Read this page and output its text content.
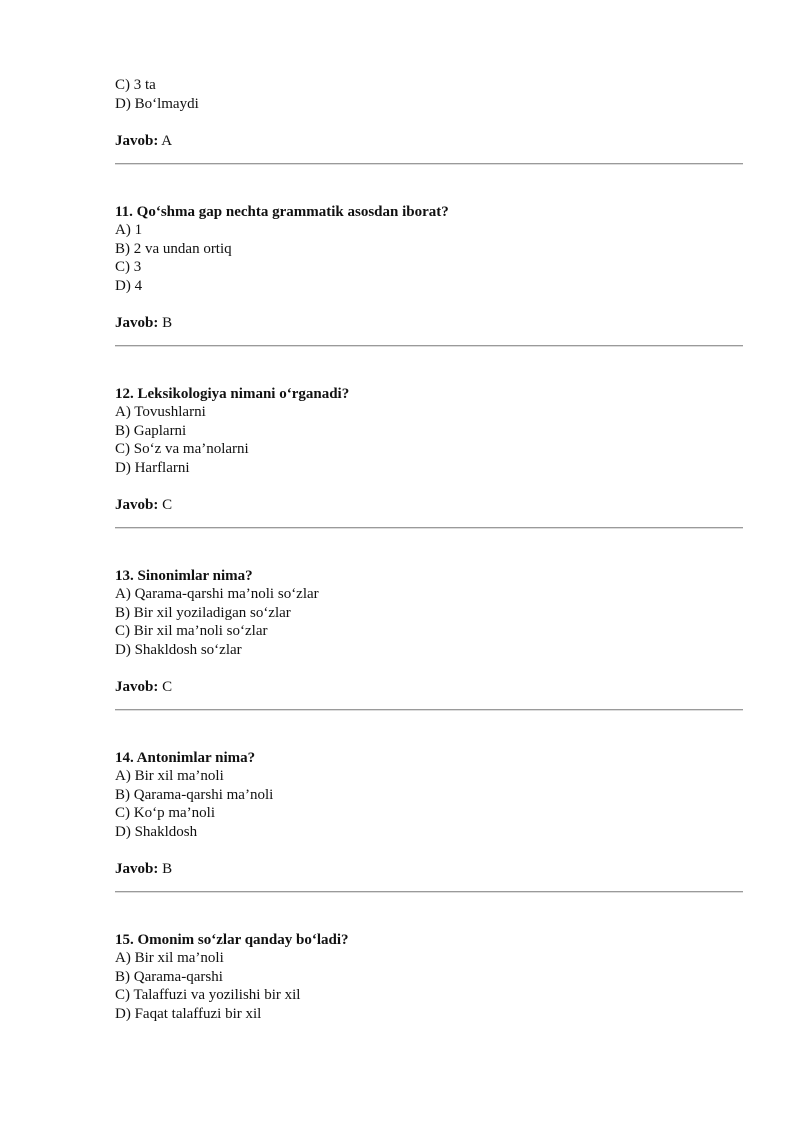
C) 3 ta

D) Bo‘lmaydi

Javob: A

11. Qo‘shma gap nechta grammatik asosdan iborat?

A) 1

B) 2 va undan ortiq

C) 3

D) 4

Javob: B

12. Leksikologiya nimani o‘rganadi?

A) Tovushlarni

B) Gaplarni

C) So‘z va ma’nolarni

D) Harflarni

Javob: C

13. Sinonimlar nima?

A) Qarama-qarshi ma’noli so‘zlar

B) Bir xil yoziladigan so‘zlar

C) Bir xil ma’noli so‘zlar

D) Shakldosh so‘zlar

Javob: C

14. Antonimlar nima?

A) Bir xil ma’noli

B) Qarama-qarshi ma’noli

C) Ko‘p ma’noli

D) Shakldosh

Javob: B

15. Omonim so‘zlar qanday bo‘ladi?

A) Bir xil ma’noli

B) Qarama-qarshi

C) Talaffuzi va yozilishi bir xil

D) Faqat talaffuzi bir xil
